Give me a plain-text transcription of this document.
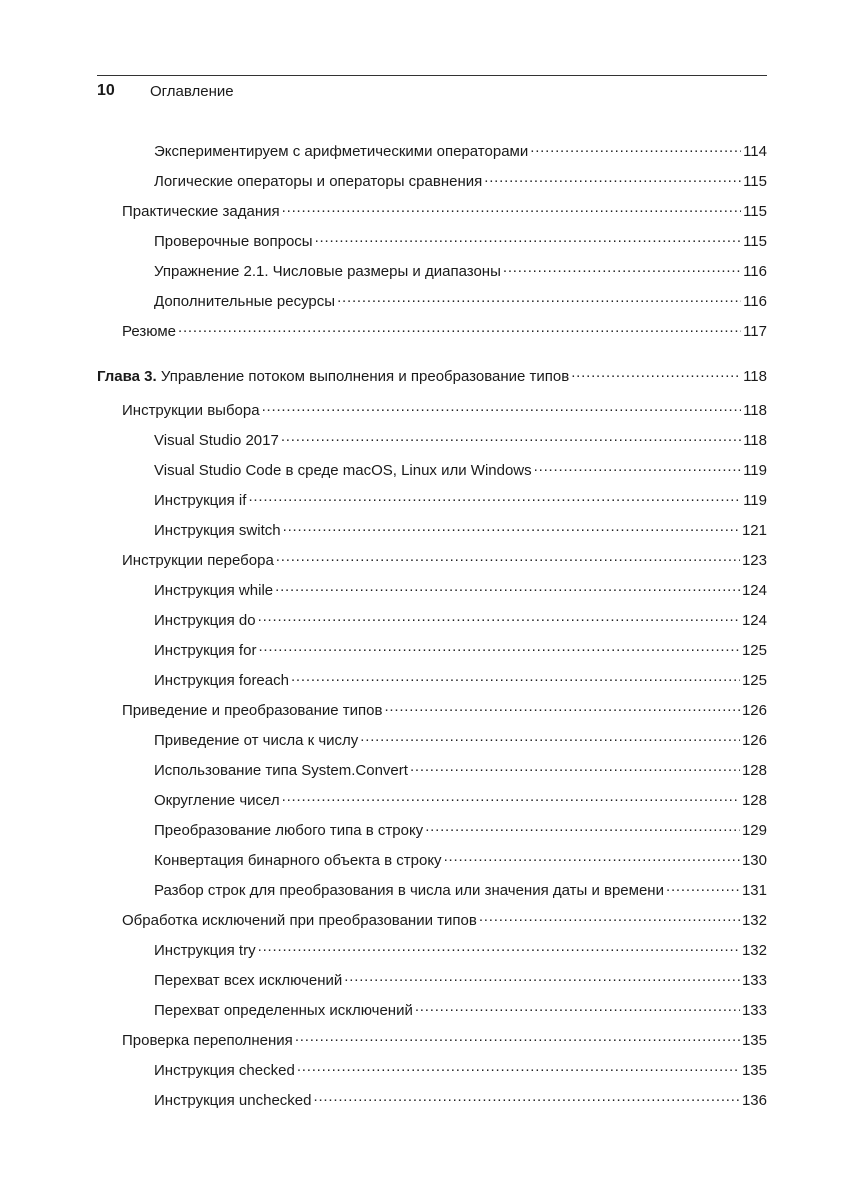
10 Оглавление
Экспериментируем с арифметическими операторами .....	114
Логические операторы и операторы сравнения .....	115
Практические задания .....	115
Проверочные вопросы .....	115
Упражнение 2.1. Числовые размеры и диапазоны .....	116
Дополнительные ресурсы .....	116
Резюме .....	117
Глава 3. Управление потоком выполнения и преобразование типов .....	118
Инструкции выбора .....	118
Visual Studio 2017 .....	118
Visual Studio Code в среде macOS, Linux или Windows .....	119
Инструкция if .....	119
Инструкция switch .....	121
Инструкции перебора .....	123
Инструкция while .....	124
Инструкция do .....	124
Инструкция for .....	125
Инструкция foreach .....	125
Приведение и преобразование типов .....	126
Приведение от числа к числу .....	126
Использование типа System.Convert .....	128
Округление чисел .....	128
Преобразование любого типа в строку .....	129
Конвертация бинарного объекта в строку .....	130
Разбор строк для преобразования в числа или значения даты и времени .....	131
Обработка исключений при преобразовании типов .....	132
Инструкция try .....	132
Перехват всех исключений .....	133
Перехват определенных исключений .....	133
Проверка переполнения .....	135
Инструкция checked .....	135
Инструкция unchecked .....	136
